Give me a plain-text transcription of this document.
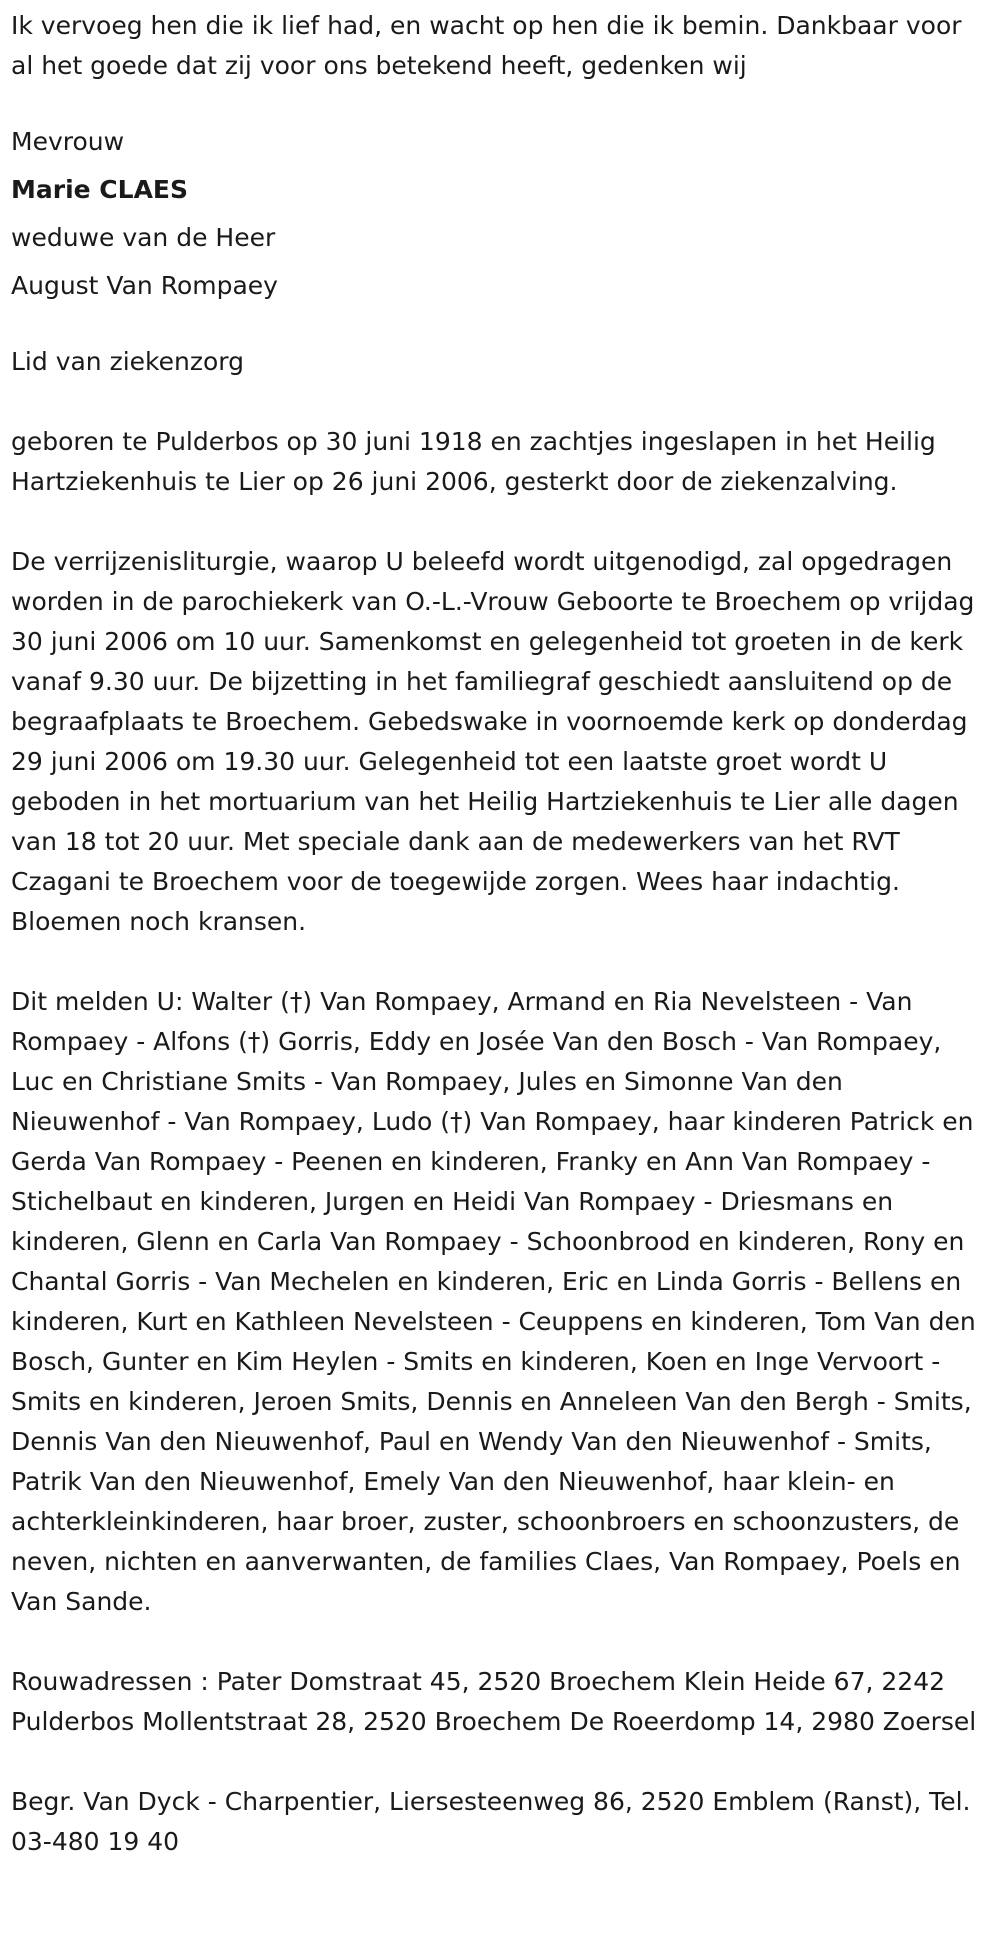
Ik vervoeg hen die ik lief had, en wacht op hen die ik bemin. Dankbaar voor al het goede dat zij voor ons betekend heeft, gedenken wij

Mevrouw

Marie CLAES

weduwe van de Heer

August Van Rompaey

Lid van ziekenzorg

geboren te Pulderbos op 30 juni 1918 en zachtjes ingeslapen in het Heilig Hartziekenhuis te Lier op 26 juni 2006, gesterkt door de ziekenzalving.

De verrijzenisliturgie, waarop U beleefd wordt uitgenodigd, zal opgedragen worden in de parochiekerk van O.-L.-Vrouw Geboorte te Broechem op vrijdag 30 juni 2006 om 10 uur. Samenkomst en gelegenheid tot groeten in de kerk vanaf 9.30 uur. De bijzetting in het familiegraf geschiedt aansluitend op de begraafplaats te Broechem. Gebedswake in voornoemde kerk op donderdag 29 juni 2006 om 19.30 uur. Gelegenheid tot een laatste groet wordt U geboden in het mortuarium van het Heilig Hartziekenhuis te Lier alle dagen van 18 tot 20 uur. Met speciale dank aan de medewerkers van het RVT Czagani te Broechem voor de toegewijde zorgen. Wees haar indachtig. Bloemen noch kransen.

Dit melden U: Walter (†) Van Rompaey, Armand en Ria Nevelsteen - Van Rompaey - Alfons (†) Gorris, Eddy en Josée Van den Bosch - Van Rompaey, Luc en Christiane Smits - Van Rompaey, Jules en Simonne Van den Nieuwenhof - Van Rompaey, Ludo (†) Van Rompaey, haar kinderen Patrick en Gerda Van Rompaey - Peenen en kinderen, Franky en Ann Van Rompaey - Stichelbaut en kinderen, Jurgen en Heidi Van Rompaey - Driesmans en kinderen, Glenn en Carla Van Rompaey - Schoonbrood en kinderen, Rony en Chantal Gorris - Van Mechelen en kinderen, Eric en Linda Gorris - Bellens en kinderen, Kurt en Kathleen Nevelsteen - Ceuppens en kinderen, Tom Van den Bosch, Gunter en Kim Heylen - Smits en kinderen, Koen en Inge Vervoort - Smits en kinderen, Jeroen Smits, Dennis en Anneleen Van den Bergh - Smits, Dennis Van den Nieuwenhof, Paul en Wendy Van den Nieuwenhof - Smits, Patrik Van den Nieuwenhof, Emely Van den Nieuwenhof, haar klein- en achterkleinkinderen, haar broer, zuster, schoonbroers en schoonzusters, de neven, nichten en aanverwanten, de families Claes, Van Rompaey, Poels en Van Sande.

Rouwadressen : Pater Domstraat 45, 2520 Broechem Klein Heide 67, 2242 Pulderbos Mollentstraat 28, 2520 Broechem De Roeerdomp 14, 2980 Zoersel

Begr. Van Dyck - Charpentier, Liersesteenweg 86, 2520 Emblem (Ranst), Tel. 03-480 19 40
